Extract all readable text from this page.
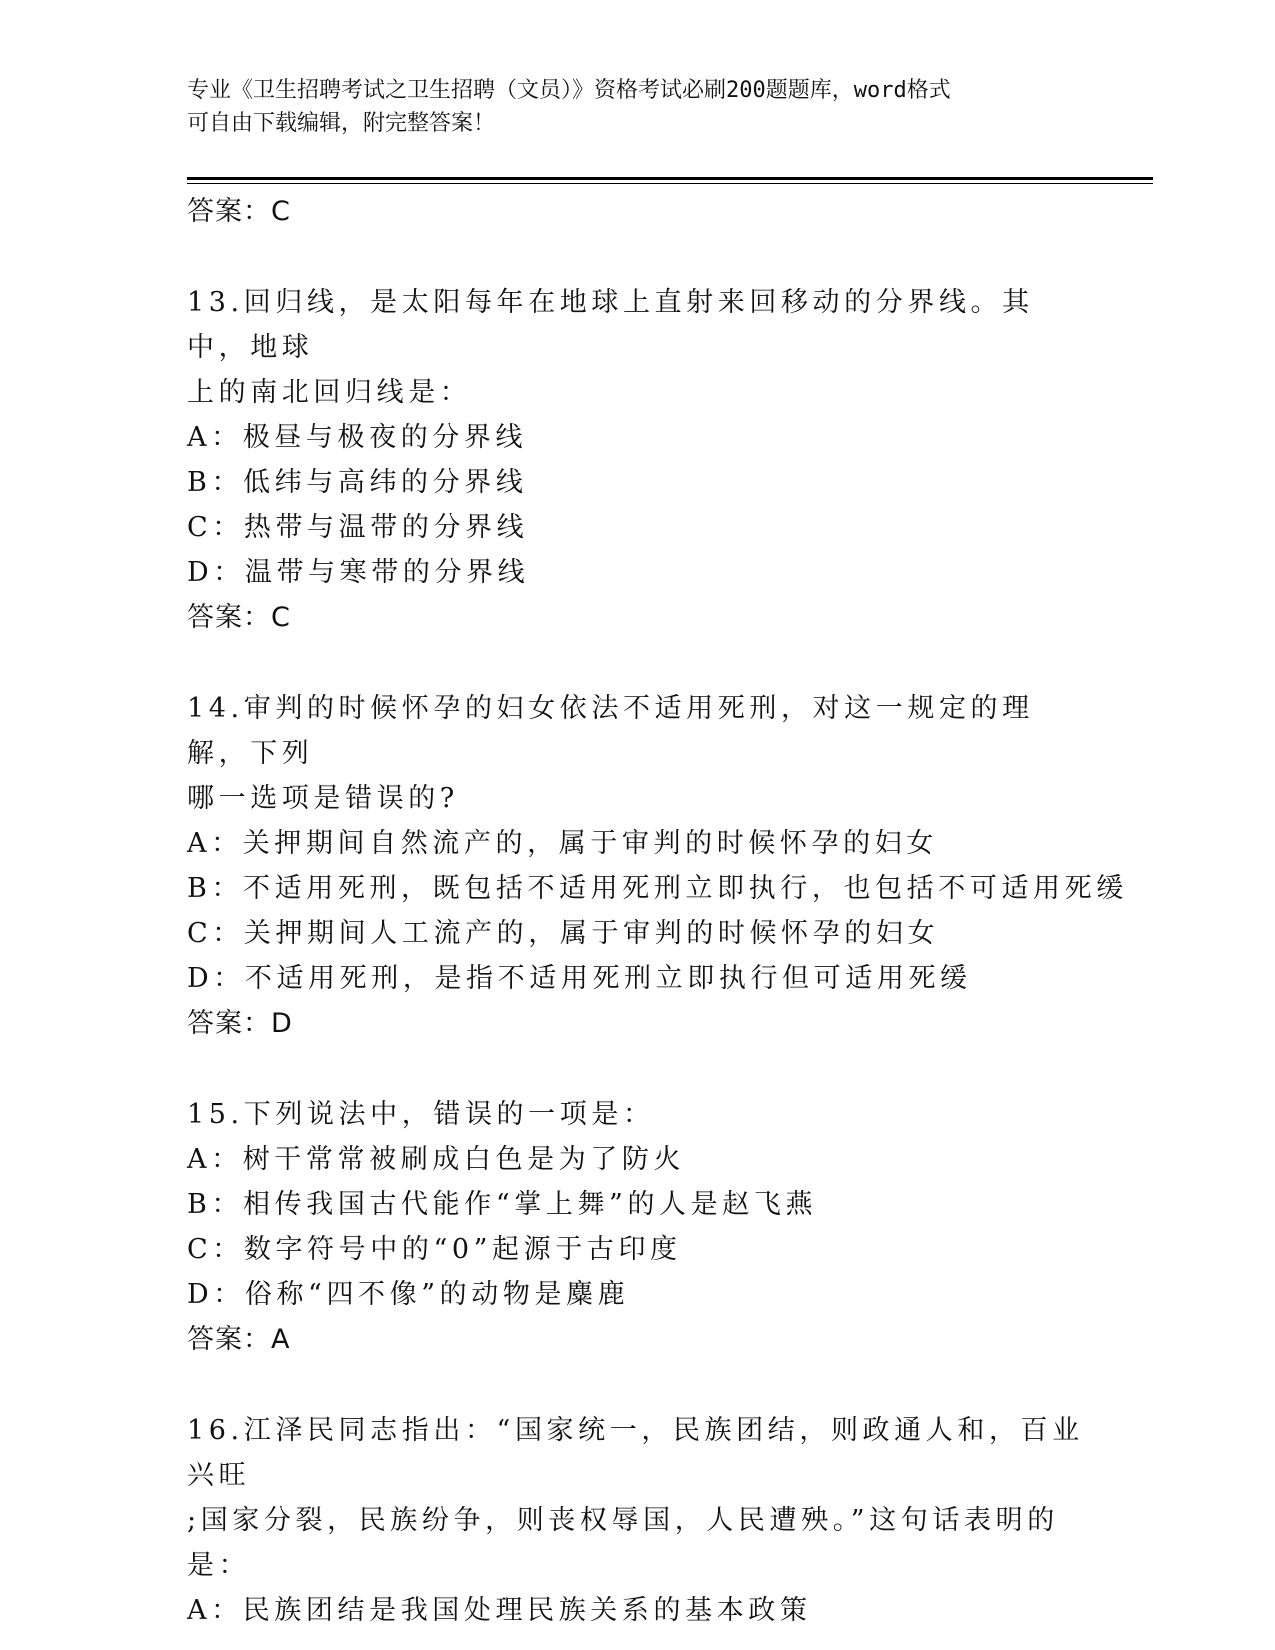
专业《卫生招聘考试之卫生招聘（文员）》资格考试必刷200题题库，word格式
可自由下载编辑，附完整答案！
答案：C
13.回归线，是太阳每年在地球上直射来回移动的分界线。其中，地球
上的南北回归线是：
A：极昼与极夜的分界线
B：低纬与高纬的分界线
C：热带与温带的分界线
D：温带与寒带的分界线
答案：C
14.审判的时候怀孕的妇女依法不适用死刑，对这一规定的理解，下列
哪一选项是错误的?
A：关押期间自然流产的，属于审判的时候怀孕的妇女
B：不适用死刑，既包括不适用死刑立即执行，也包括不可适用死缓
C：关押期间人工流产的，属于审判的时候怀孕的妇女
D：不适用死刑，是指不适用死刑立即执行但可适用死缓
答案：D
15.下列说法中，错误的一项是：
A：树干常常被刷成白色是为了防火
B：相传我国古代能作“掌上舞”的人是赵飞燕
C：数字符号中的“0”起源于古印度
D：俗称“四不像”的动物是麋鹿
答案：A
16.江泽民同志指出：“国家统一，民族团结，则政通人和，百业兴旺
;国家分裂，民族纷争，则丧权辱国，人民遭殃。”这句话表明的是：
A：民族团结是我国处理民族关系的基本政策
